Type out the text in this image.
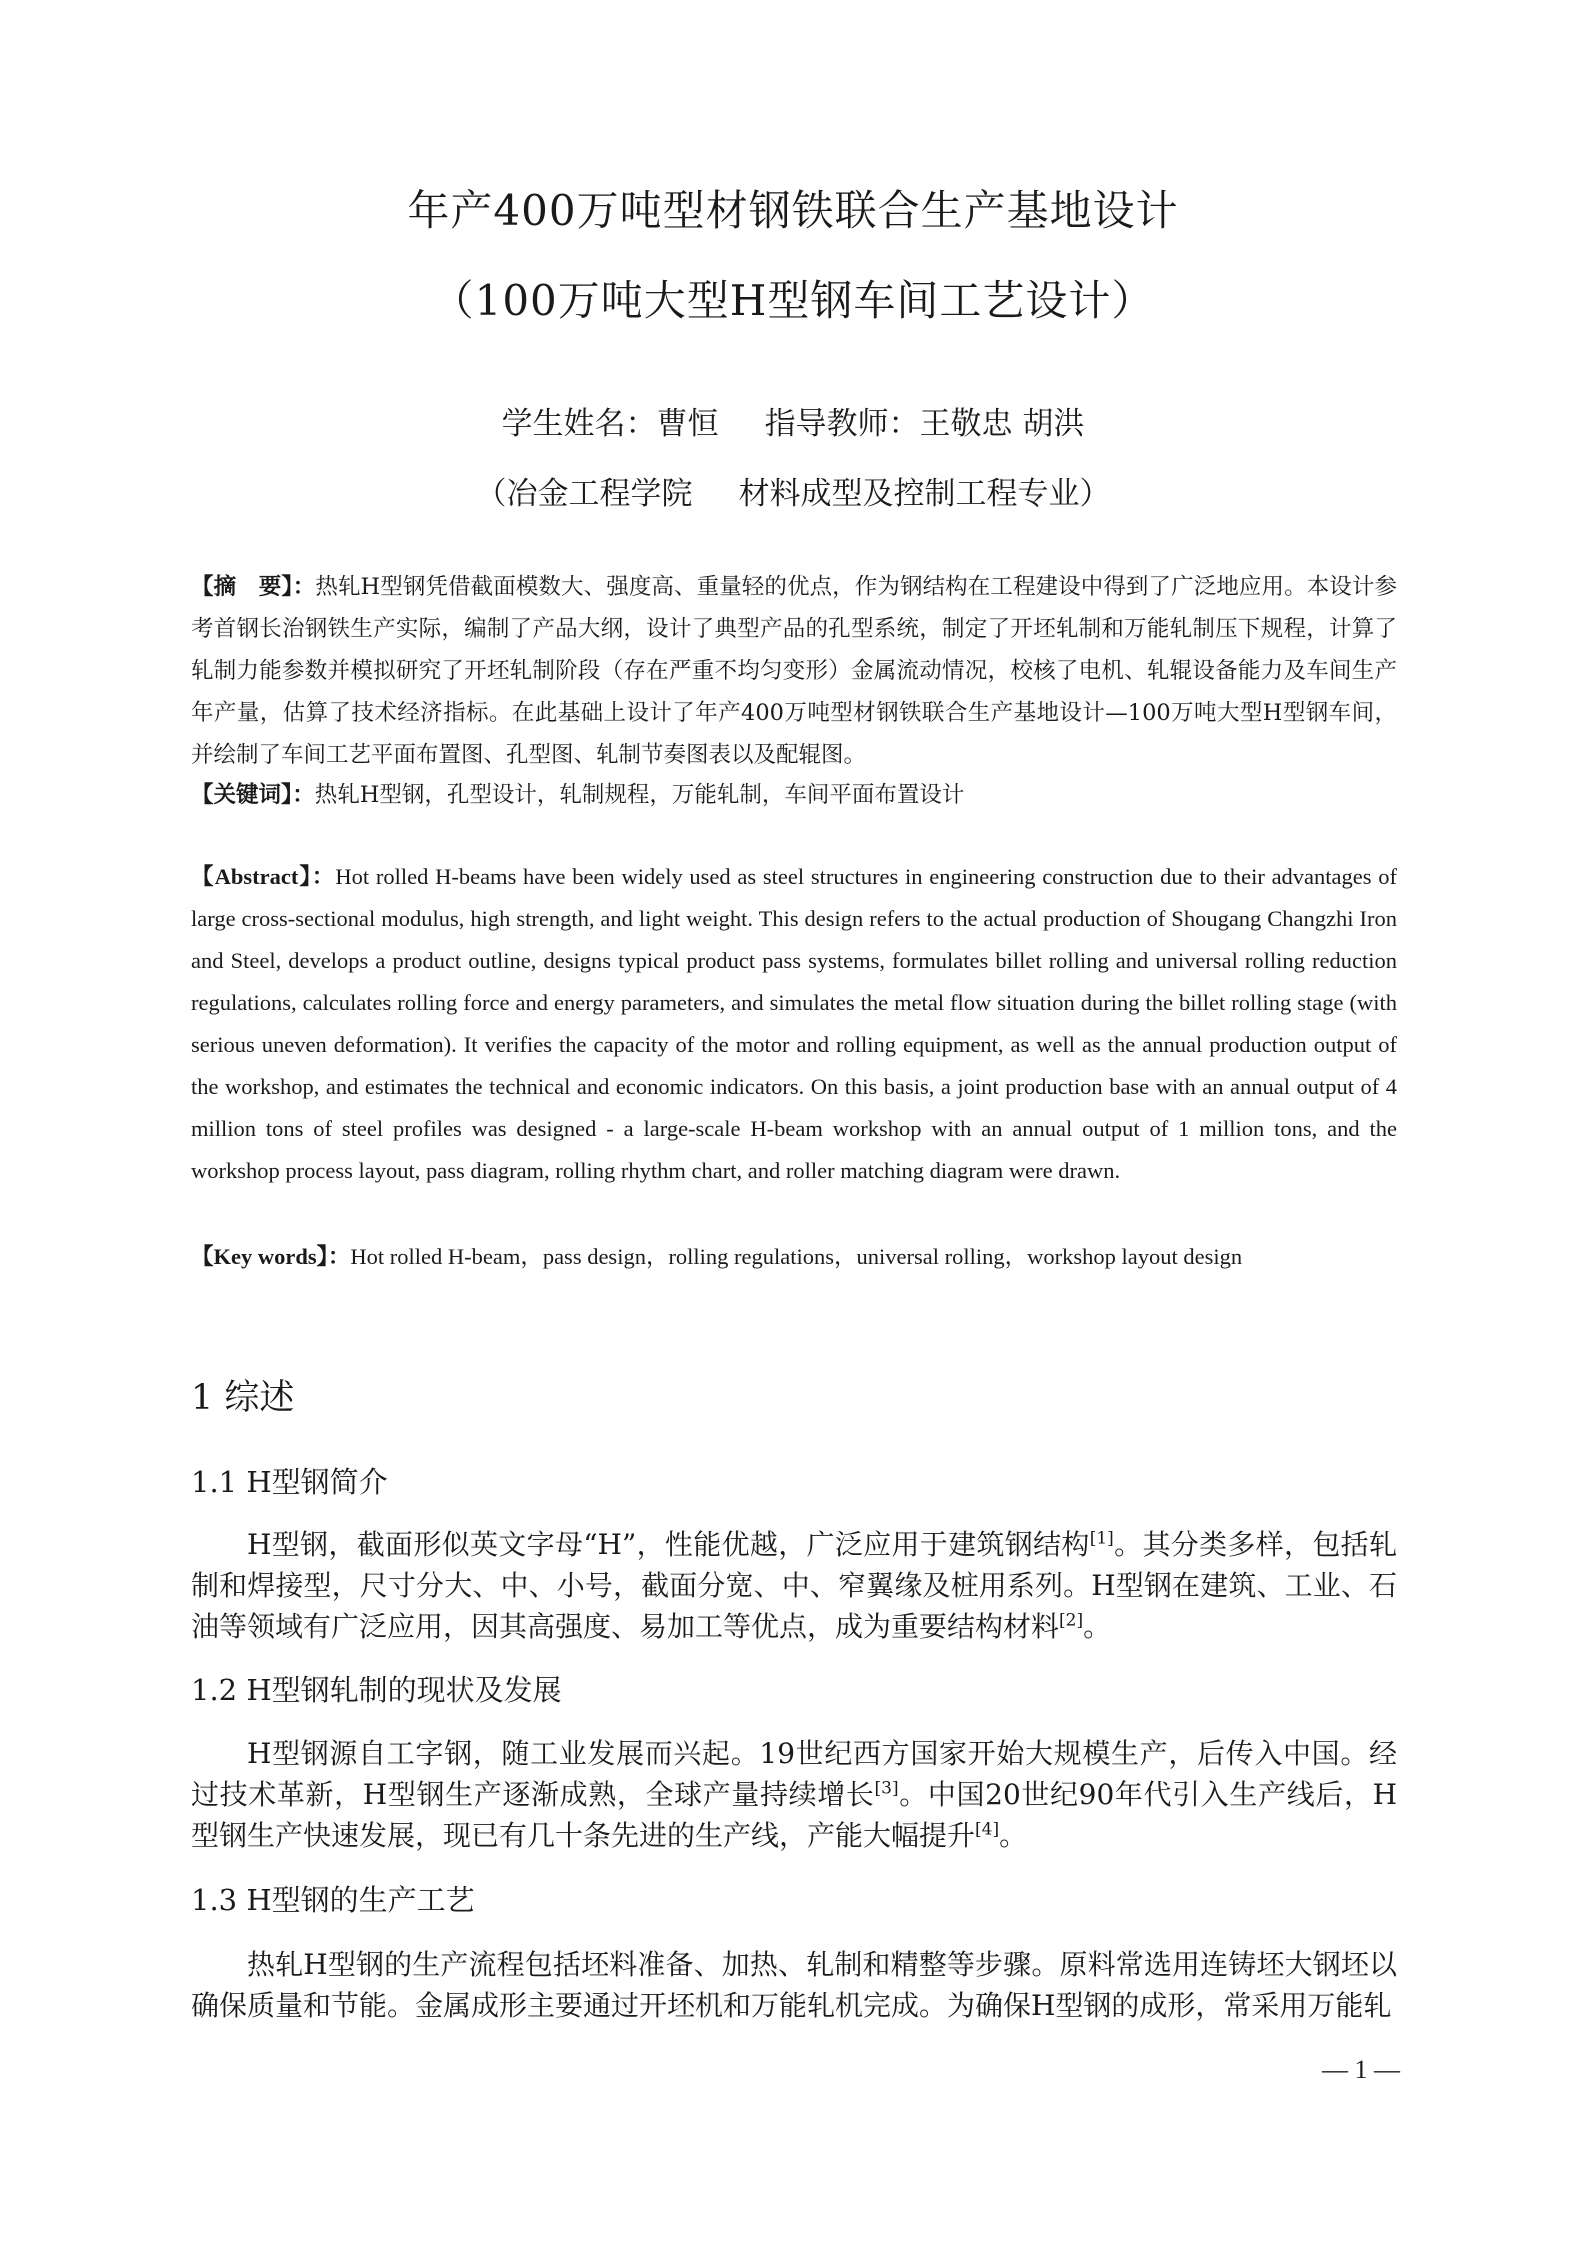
年产400万吨型材钢铁联合生产基地设计
（100万吨大型H型钢车间工艺设计）
学生姓名：曹恒 指导教师：王敬忠 胡洪
（冶金工程学院 材料成型及控制工程专业）
【摘　要】：热轧H型钢凭借截面模数大、强度高、重量轻的优点，作为钢结构在工程建设中得到了广泛地应用。本设计参考首钢长治钢铁生产实际，编制了产品大纲，设计了典型产品的孔型系统，制定了开坯轧制和万能轧制压下规程，计算了轧制力能参数并模拟研究了开坯轧制阶段（存在严重不均匀变形）金属流动情况，校核了电机、轧辊设备能力及车间生产年产量，估算了技术经济指标。在此基础上设计了年产400万吨型材钢铁联合生产基地设计—100万吨大型H型钢车间，并绘制了车间工艺平面布置图、孔型图、轧制节奏图表以及配辊图。
【关键词】：热轧H型钢，孔型设计，轧制规程，万能轧制，车间平面布置设计
【Abstract】：Hot rolled H-beams have been widely used as steel structures in engineering construction due to their advantages of large cross-sectional modulus, high strength, and light weight. This design refers to the actual production of Shougang Changzhi Iron and Steel, develops a product outline, designs typical product pass systems, formulates billet rolling and universal rolling reduction regulations, calculates rolling force and energy parameters, and simulates the metal flow situation during the billet rolling stage (with serious uneven deformation). It verifies the capacity of the motor and rolling equipment, as well as the annual production output of the workshop, and estimates the technical and economic indicators. On this basis, a joint production base with an annual output of 4 million tons of steel profiles was designed - a large-scale H-beam workshop with an annual output of 1 million tons, and the workshop process layout, pass diagram, rolling rhythm chart, and roller matching diagram were drawn.
【Key words】：Hot rolled H-beam，pass design，rolling regulations，universal rolling，workshop layout design
1 综述
1.1 H型钢简介
H型钢，截面形似英文字母“H”，性能优越，广泛应用于建筑钢结构[1]。其分类多样，包括轧制和焊接型，尺寸分大、中、小号，截面分宽、中、窄翼缘及桩用系列。H型钢在建筑、工业、石油等领域有广泛应用，因其高强度、易加工等优点，成为重要结构材料[2]。
1.2 H型钢轧制的现状及发展
H型钢源自工字钢，随工业发展而兴起。19世纪西方国家开始大规模生产，后传入中国。经过技术革新，H型钢生产逐渐成熟，全球产量持续增长[3]。中国20世纪90年代引入生产线后，H型钢生产快速发展，现已有几十条先进的生产线，产能大幅提升[4]。
1.3 H型钢的生产工艺
热轧H型钢的生产流程包括坯料准备、加热、轧制和精整等步骤。原料常选用连铸坯大钢坯以确保质量和节能。金属成形主要通过开坯机和万能轧机完成。为确保H型钢的成形，常采用万能轧
— 1 —
